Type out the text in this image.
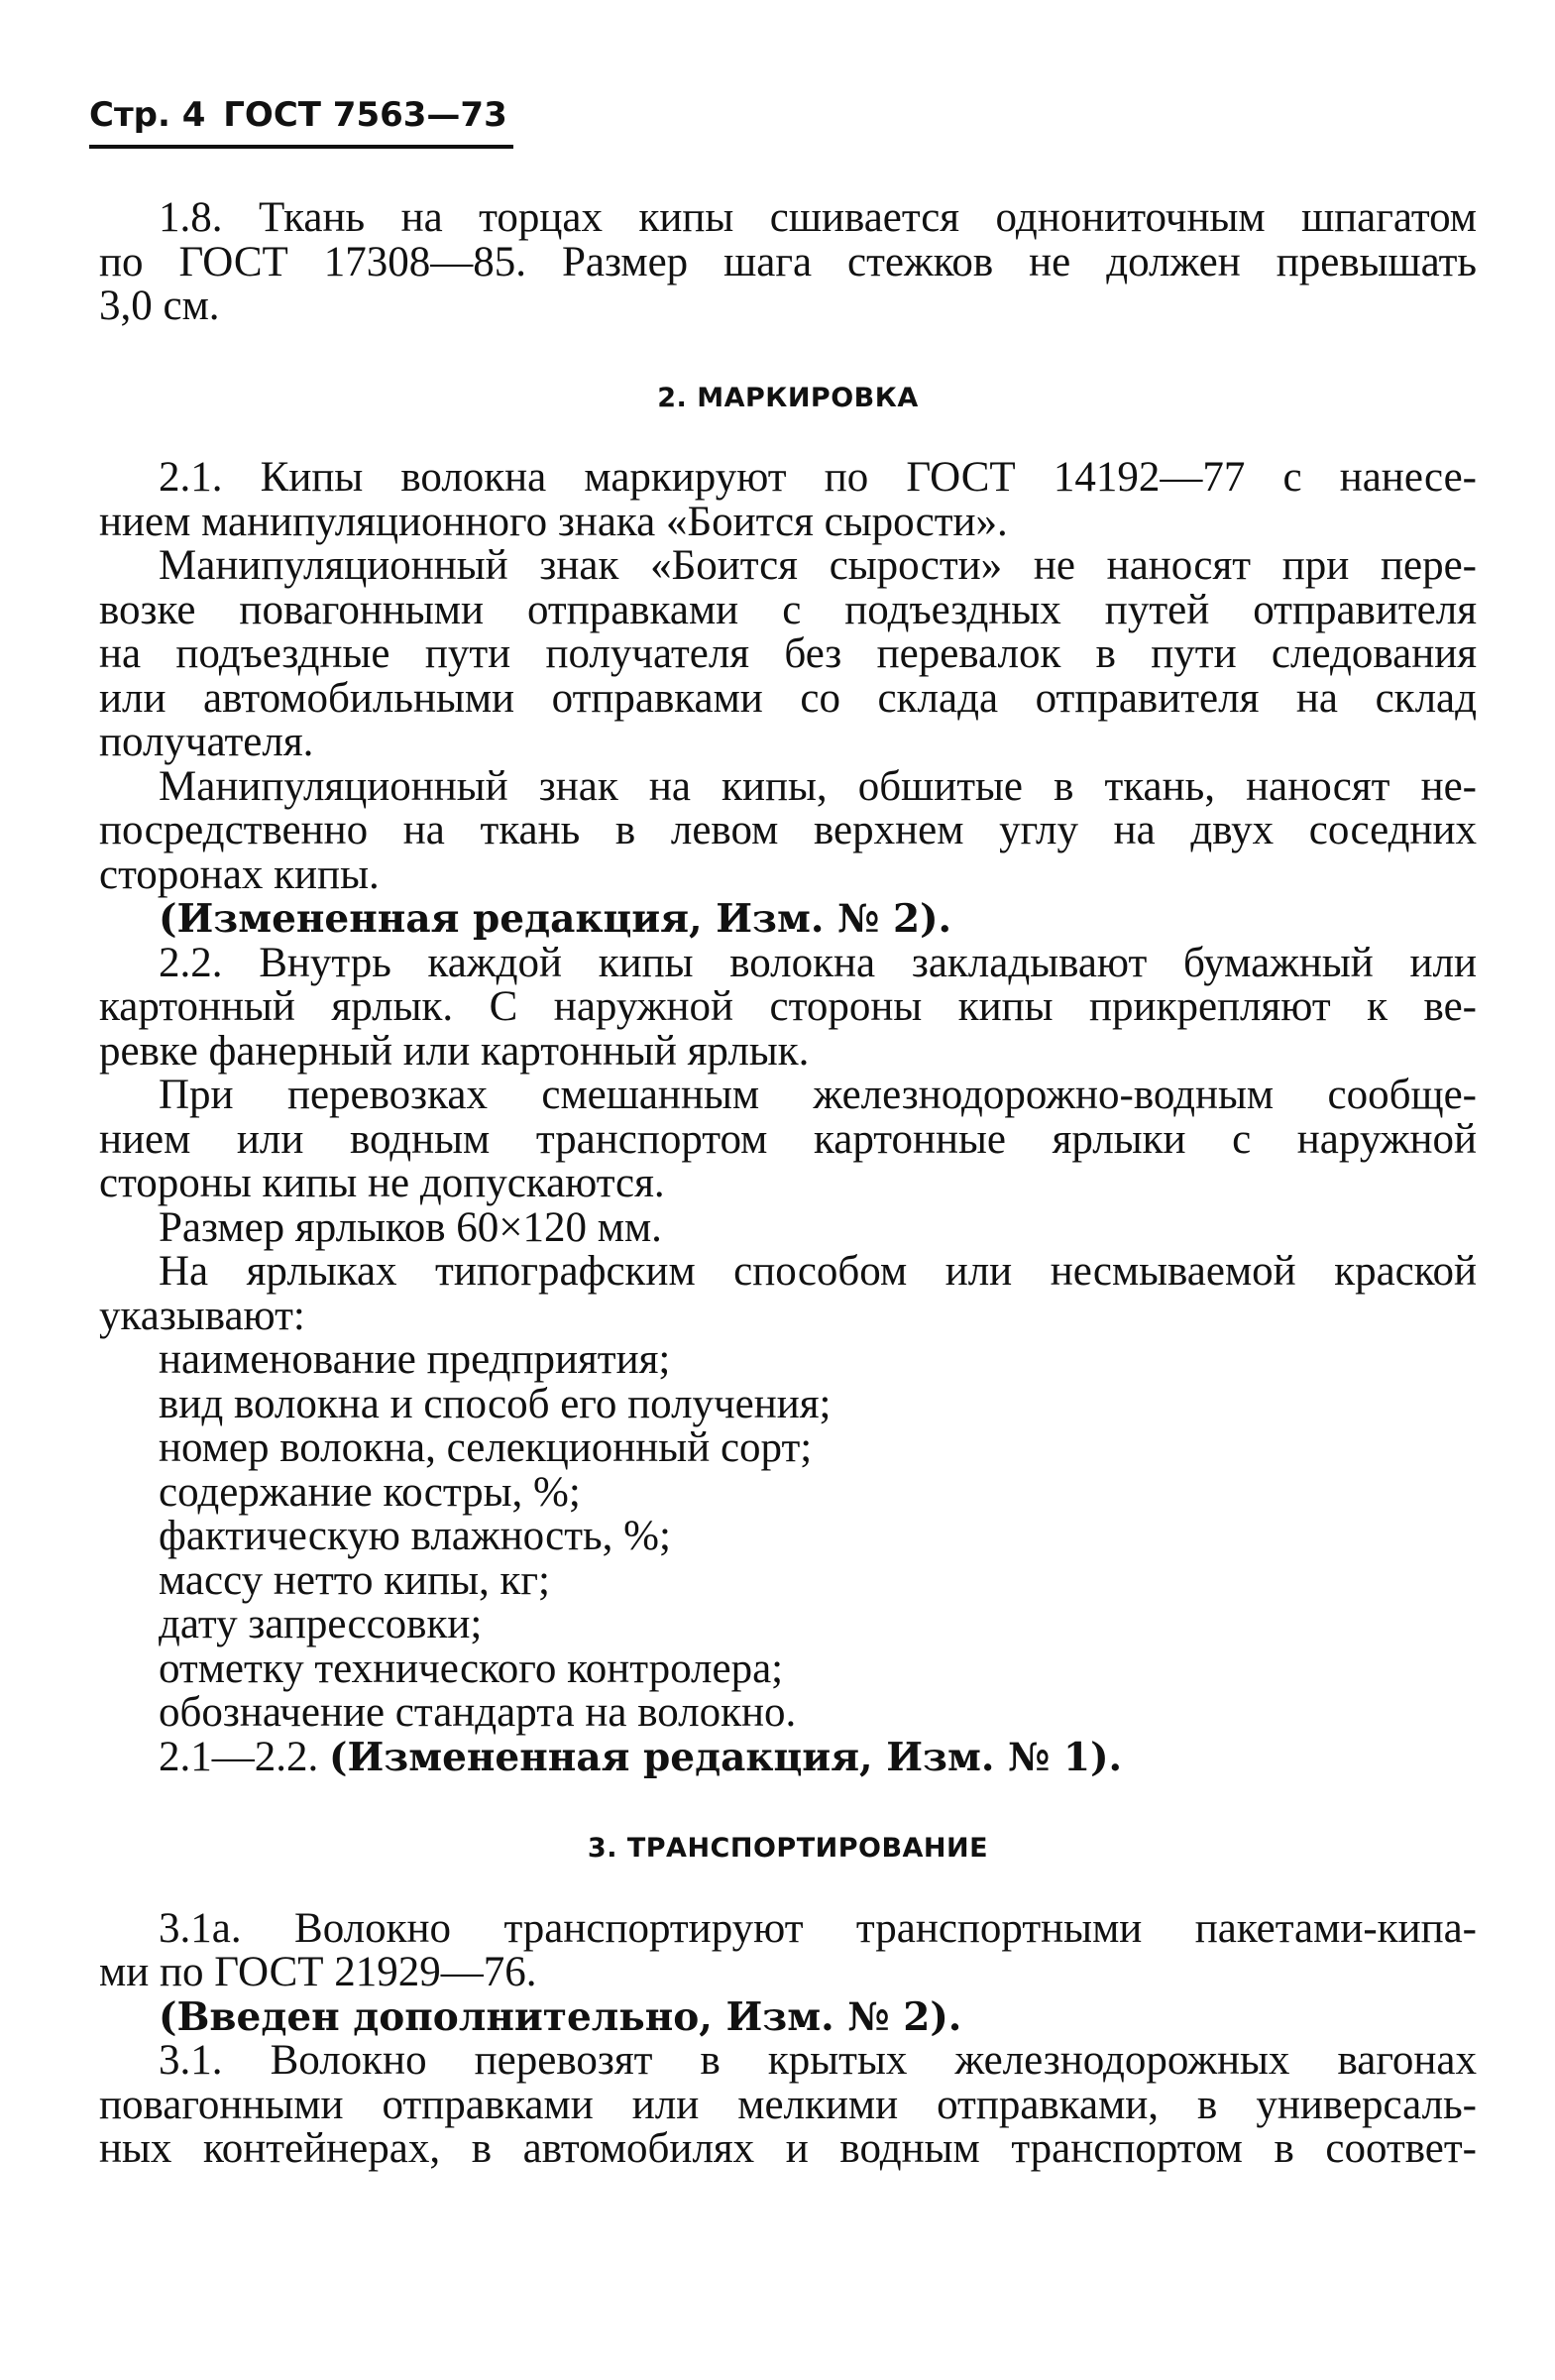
Стр. 4 ГОСТ 7563—73
1.8. Ткань на торцах кипы сшивается однониточным шпагатом
по ГОСТ 17308—85. Размер шага стежков не должен превышать
3,0 см.
2. МАРКИРОВКА
2.1. Кипы волокна маркируют по ГОСТ 14192—77 с нанесе-
нием манипуляционного знака «Боится сырости».
Манипуляционный знак «Боится сырости» не наносят при пере-
возке повагонными отправками с подъездных путей отправителя
на подъездные пути получателя без перевалок в пути следования
или автомобильными отправками со склада отправителя на склад
получателя.
Манипуляционный знак на кипы, обшитые в ткань, наносят не-
посредственно на ткань в левом верхнем углу на двух соседних
сторонах кипы.
(Измененная редакция, Изм. № 2).
2.2. Внутрь каждой кипы волокна закладывают бумажный или
картонный ярлык. С наружной стороны кипы прикрепляют к ве-
ревке фанерный или картонный ярлык.
При перевозках смешанным железнодорожно-водным сообще-
нием или водным транспортом картонные ярлыки с наружной
стороны кипы не допускаются.
Размер ярлыков 60×120 мм.
На ярлыках типографским способом или несмываемой краской
указывают:
наименование предприятия;
вид волокна и способ его получения;
номер волокна, селекционный сорт;
содержание костры, %;
фактическую влажность, %;
массу нетто кипы, кг;
дату запрессовки;
отметку технического контролера;
обозначение стандарта на волокно.
2.1—2.2. (Измененная редакция, Изм. № 1).
3. ТРАНСПОРТИРОВАНИЕ
3.1а. Волокно транспортируют транспортными пакетами-кипа-
ми по ГОСТ 21929—76.
(Введен дополнительно, Изм. № 2).
3.1. Волокно перевозят в крытых железнодорожных вагонах
повагонными отправками или мелкими отправками, в универсаль-
ных контейнерах, в автомобилях и водным транспортом в соответ-
